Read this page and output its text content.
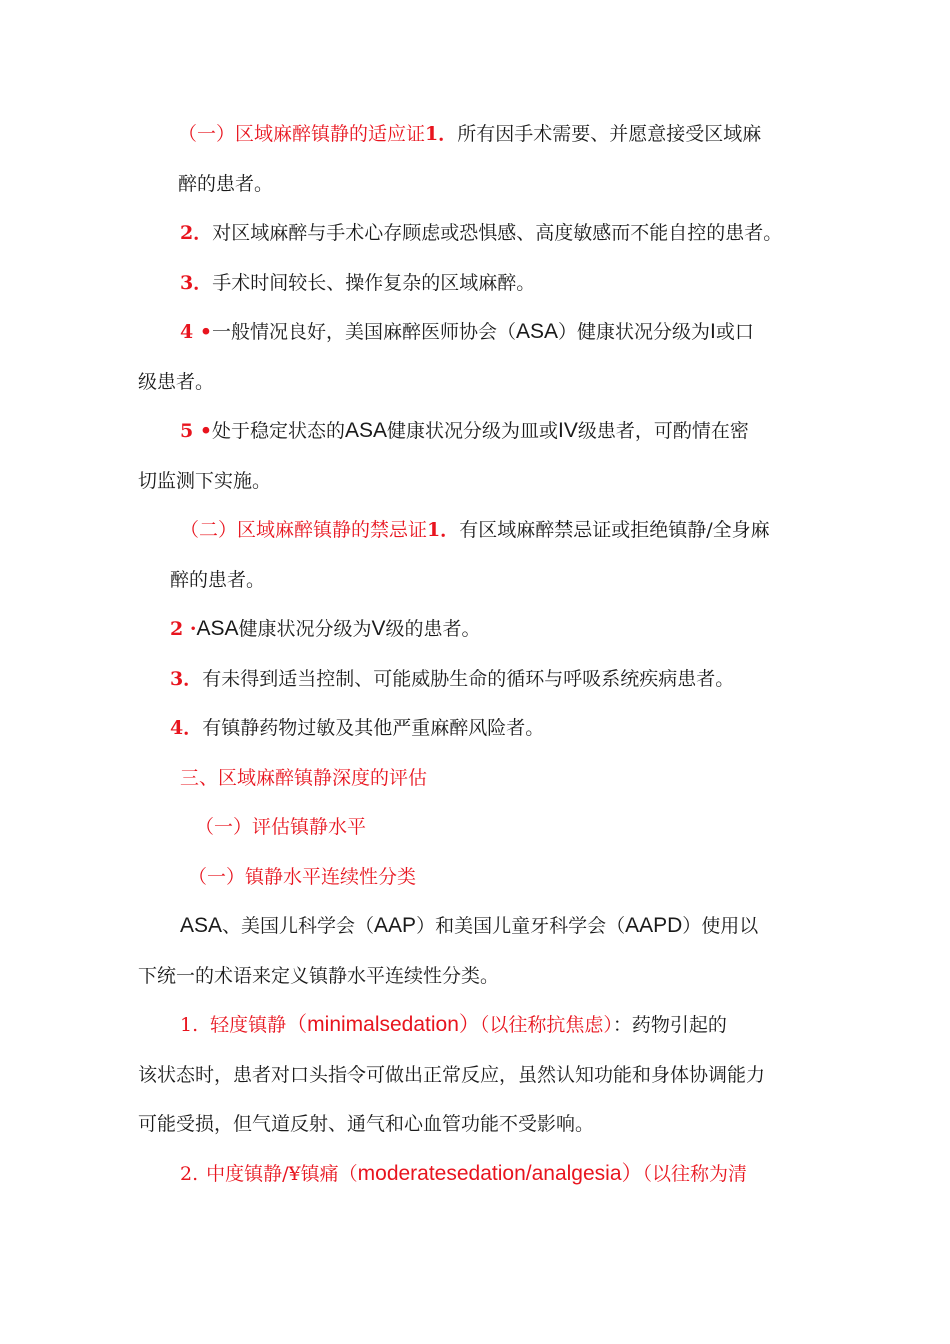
（一）区域麻醉镇静的适应证1．所有因手术需要、并愿意接受区域麻
醉的患者。
2．对区域麻醉与手术心存顾虑或恐惧感、高度敏感而不能自控的患者。
3．手术时间较长、操作复杂的区域麻醉。
4 •一般情况良好，美国麻醉医师协会（ASA）健康状况分级为I或口
级患者。
5 •处于稳定状态的ASA健康状况分级为皿或IV级患者，可酌情在密
切监测下实施。
（二）区域麻醉镇静的禁忌证1．有区域麻醉禁忌证或拒绝镇静/全身麻
醉的患者。
2 ·ASA健康状况分级为V级的患者。
3．有未得到适当控制、可能威胁生命的循环与呼吸系统疾病患者。
4．有镇静药物过敏及其他严重麻醉风险者。
三、区域麻醉镇静深度的评估
（一）评估镇静水平
（一）镇静水平连续性分类
ASA、美国儿科学会（AAP）和美国儿童牙科学会（AAPD）使用以
下统一的术语来定义镇静水平连续性分类。
1. 轻度镇静（minimalsedation）（以往称抗焦虑）：药物引起的
该状态时，患者对口头指令可做出正常反应，虽然认知功能和身体协调能力
可能受损，但气道反射、通气和心血管功能不受影响。
2. 中度镇静/¥镇痛（moderatesedation/analgesia）（以往称为清
